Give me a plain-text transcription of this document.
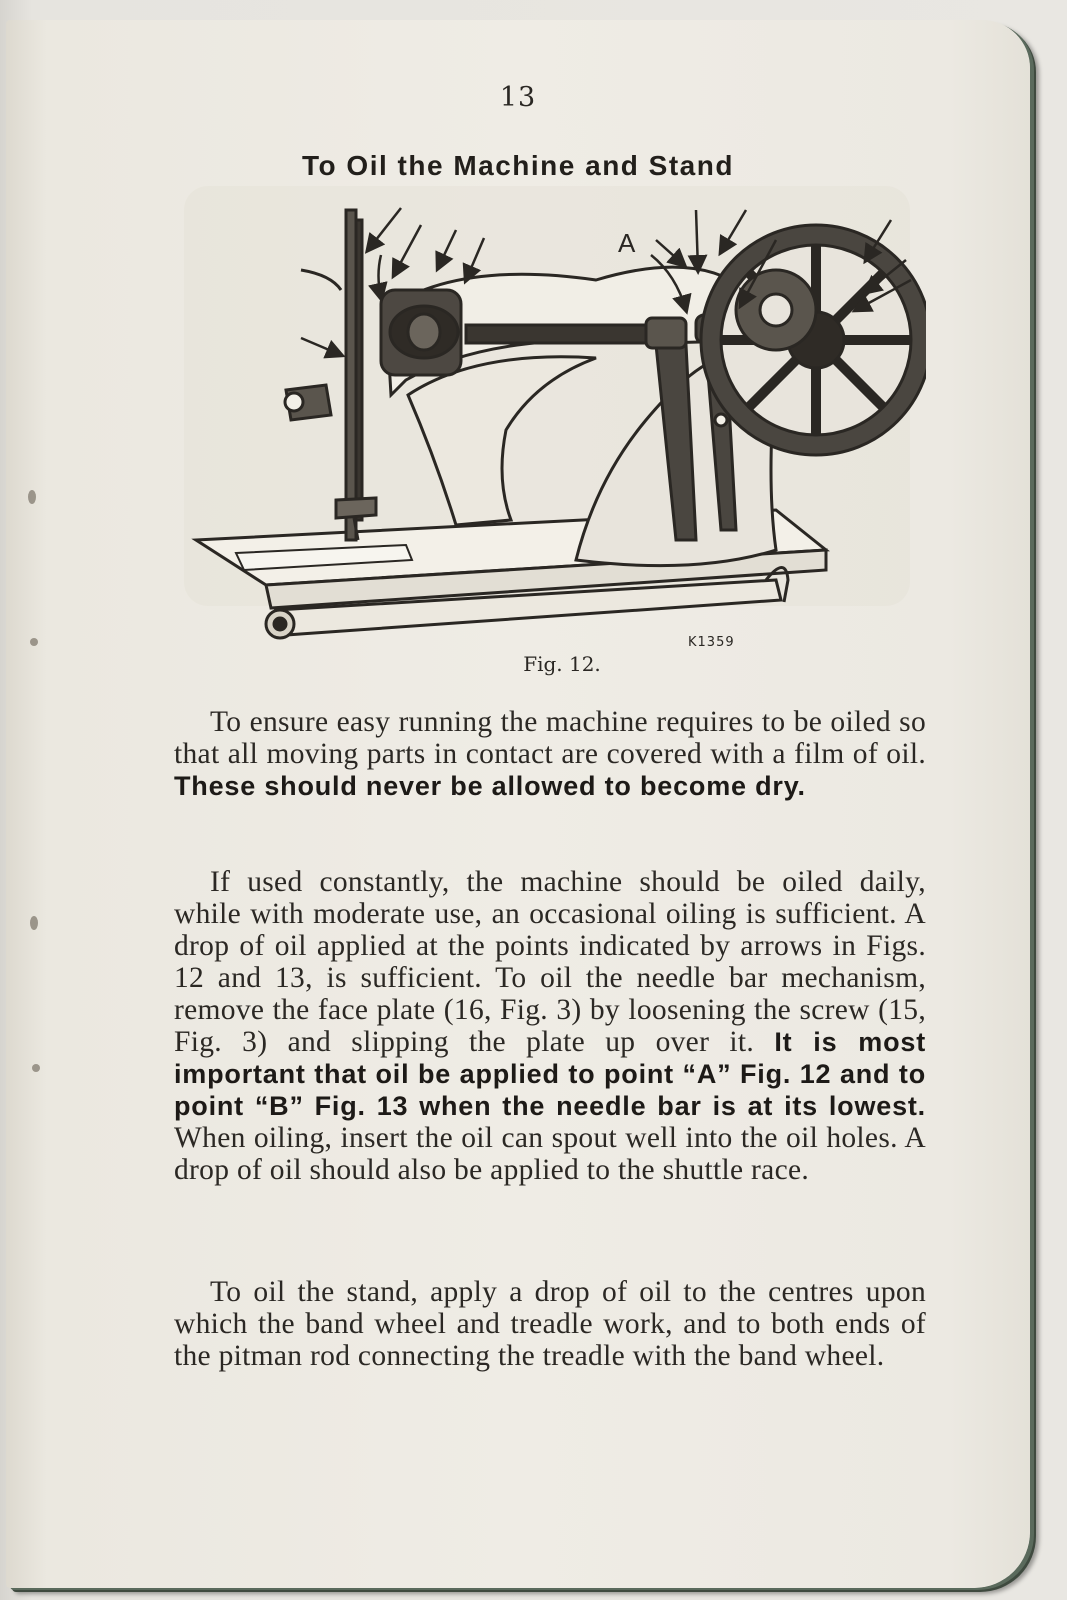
13
To Oil the Machine and Stand
A
K1359
Fig. 12.
To ensure easy running the machine requires to be oiled so that all moving parts in contact are covered with a film of oil. These should never be allowed to become dry.
If used constantly, the machine should be oiled daily, while with moderate use, an occasional oiling is sufficient. A drop of oil applied at the points indicated by arrows in Figs. 12 and 13, is sufficient. To oil the needle bar mechanism, remove the face plate (16, Fig. 3) by loosening the screw (15, Fig. 3) and slipping the plate up over it. It is most important that oil be applied to point “A” Fig. 12 and to point “B” Fig. 13 when the needle bar is at its lowest. When oiling, insert the oil can spout well into the oil holes. A drop of oil should also be applied to the shuttle race.
To oil the stand, apply a drop of oil to the centres upon which the band wheel and treadle work, and to both ends of the pitman rod connecting the treadle with the band wheel.
